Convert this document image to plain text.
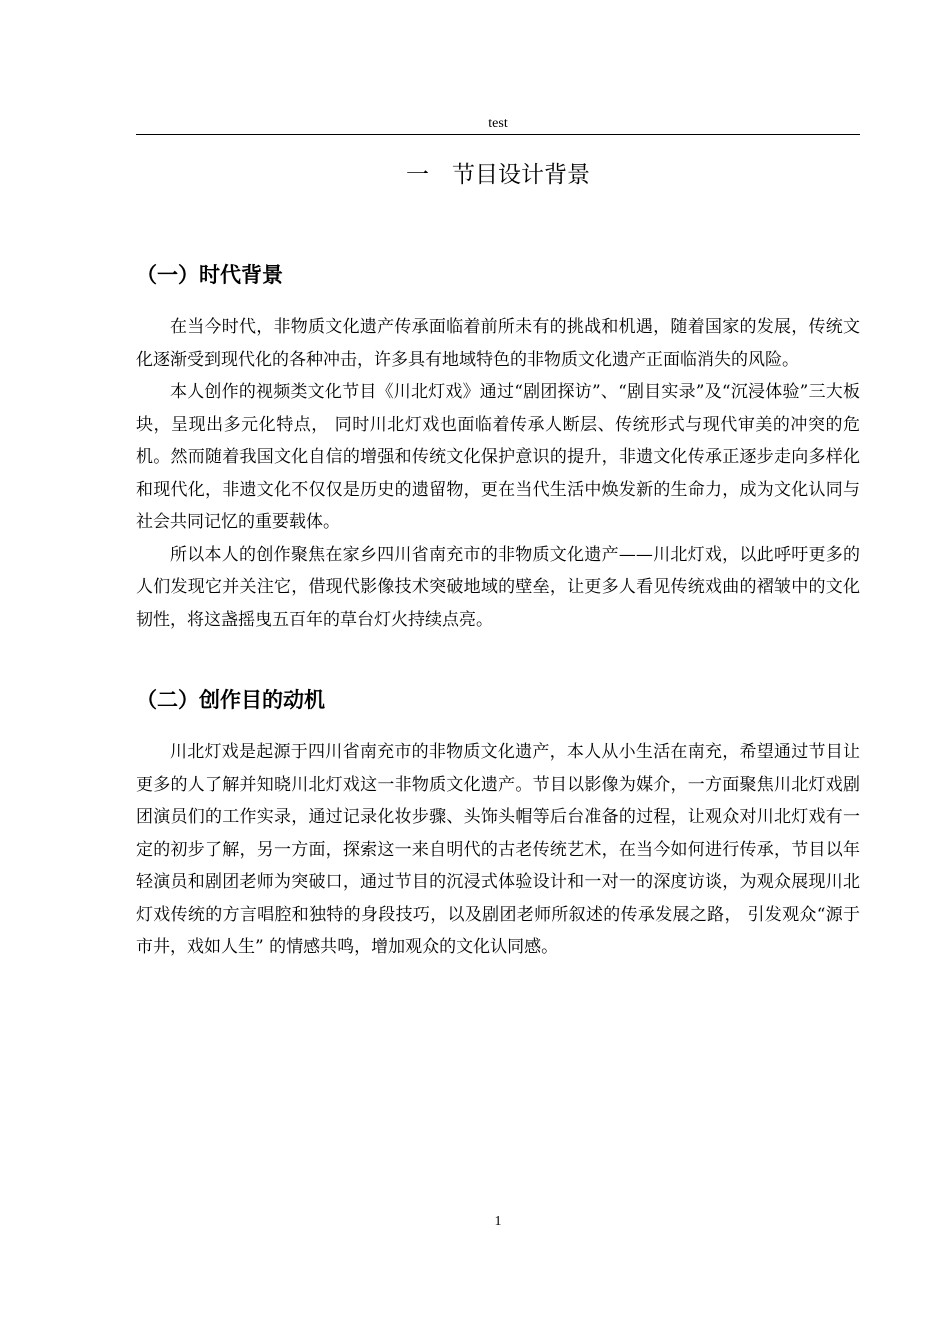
test
一　节目设计背景
（一）时代背景

在当今时代，非物质文化遗产传承面临着前所未有的挑战和机遇，随着国家的发展，传统文化逐渐受到现代化的各种冲击，许多具有地域特色的非物质文化遗产正面临消失的风险。

本人创作的视频类文化节目《川北灯戏》通过“剧团探访”、“剧目实录”及“沉浸体验”三大板块，呈现出多元化特点， 同时川北灯戏也面临着传承人断层、传统形式与现代审美的冲突的危机。然而随着我国文化自信的增强和传统文化保护意识的提升，非遗文化传承正逐步走向多样化和现代化，非遗文化不仅仅是历史的遗留物，更在当代生活中焕发新的生命力，成为文化认同与社会共同记忆的重要载体。

所以本人的创作聚焦在家乡四川省南充市的非物质文化遗产——川北灯戏，以此呼吁更多的人们发现它并关注它，借现代影像技术突破地域的壁垒，让更多人看见传统戏曲的褶皱中的文化韧性，将这盏摇曳五百年的草台灯火持续点亮。

（二）创作目的动机

川北灯戏是起源于四川省南充市的非物质文化遗产，本人从小生活在南充，希望通过节目让更多的人了解并知晓川北灯戏这一非物质文化遗产。节目以影像为媒介，一方面聚焦川北灯戏剧团演员们的工作实录，通过记录化妆步骤、头饰头帽等后台准备的过程，让观众对川北灯戏有一定的初步了解，另一方面，探索这一来自明代的古老传统艺术，在当今如何进行传承，节目以年轻演员和剧团老师为突破口，通过节目的沉浸式体验设计和一对一的深度访谈，为观众展现川北灯戏传统的方言唱腔和独特的身段技巧，以及剧团老师所叙述的传承发展之路， 引发观众“源于市井，戏如人生” 的情感共鸣，增加观众的文化认同感。

1
